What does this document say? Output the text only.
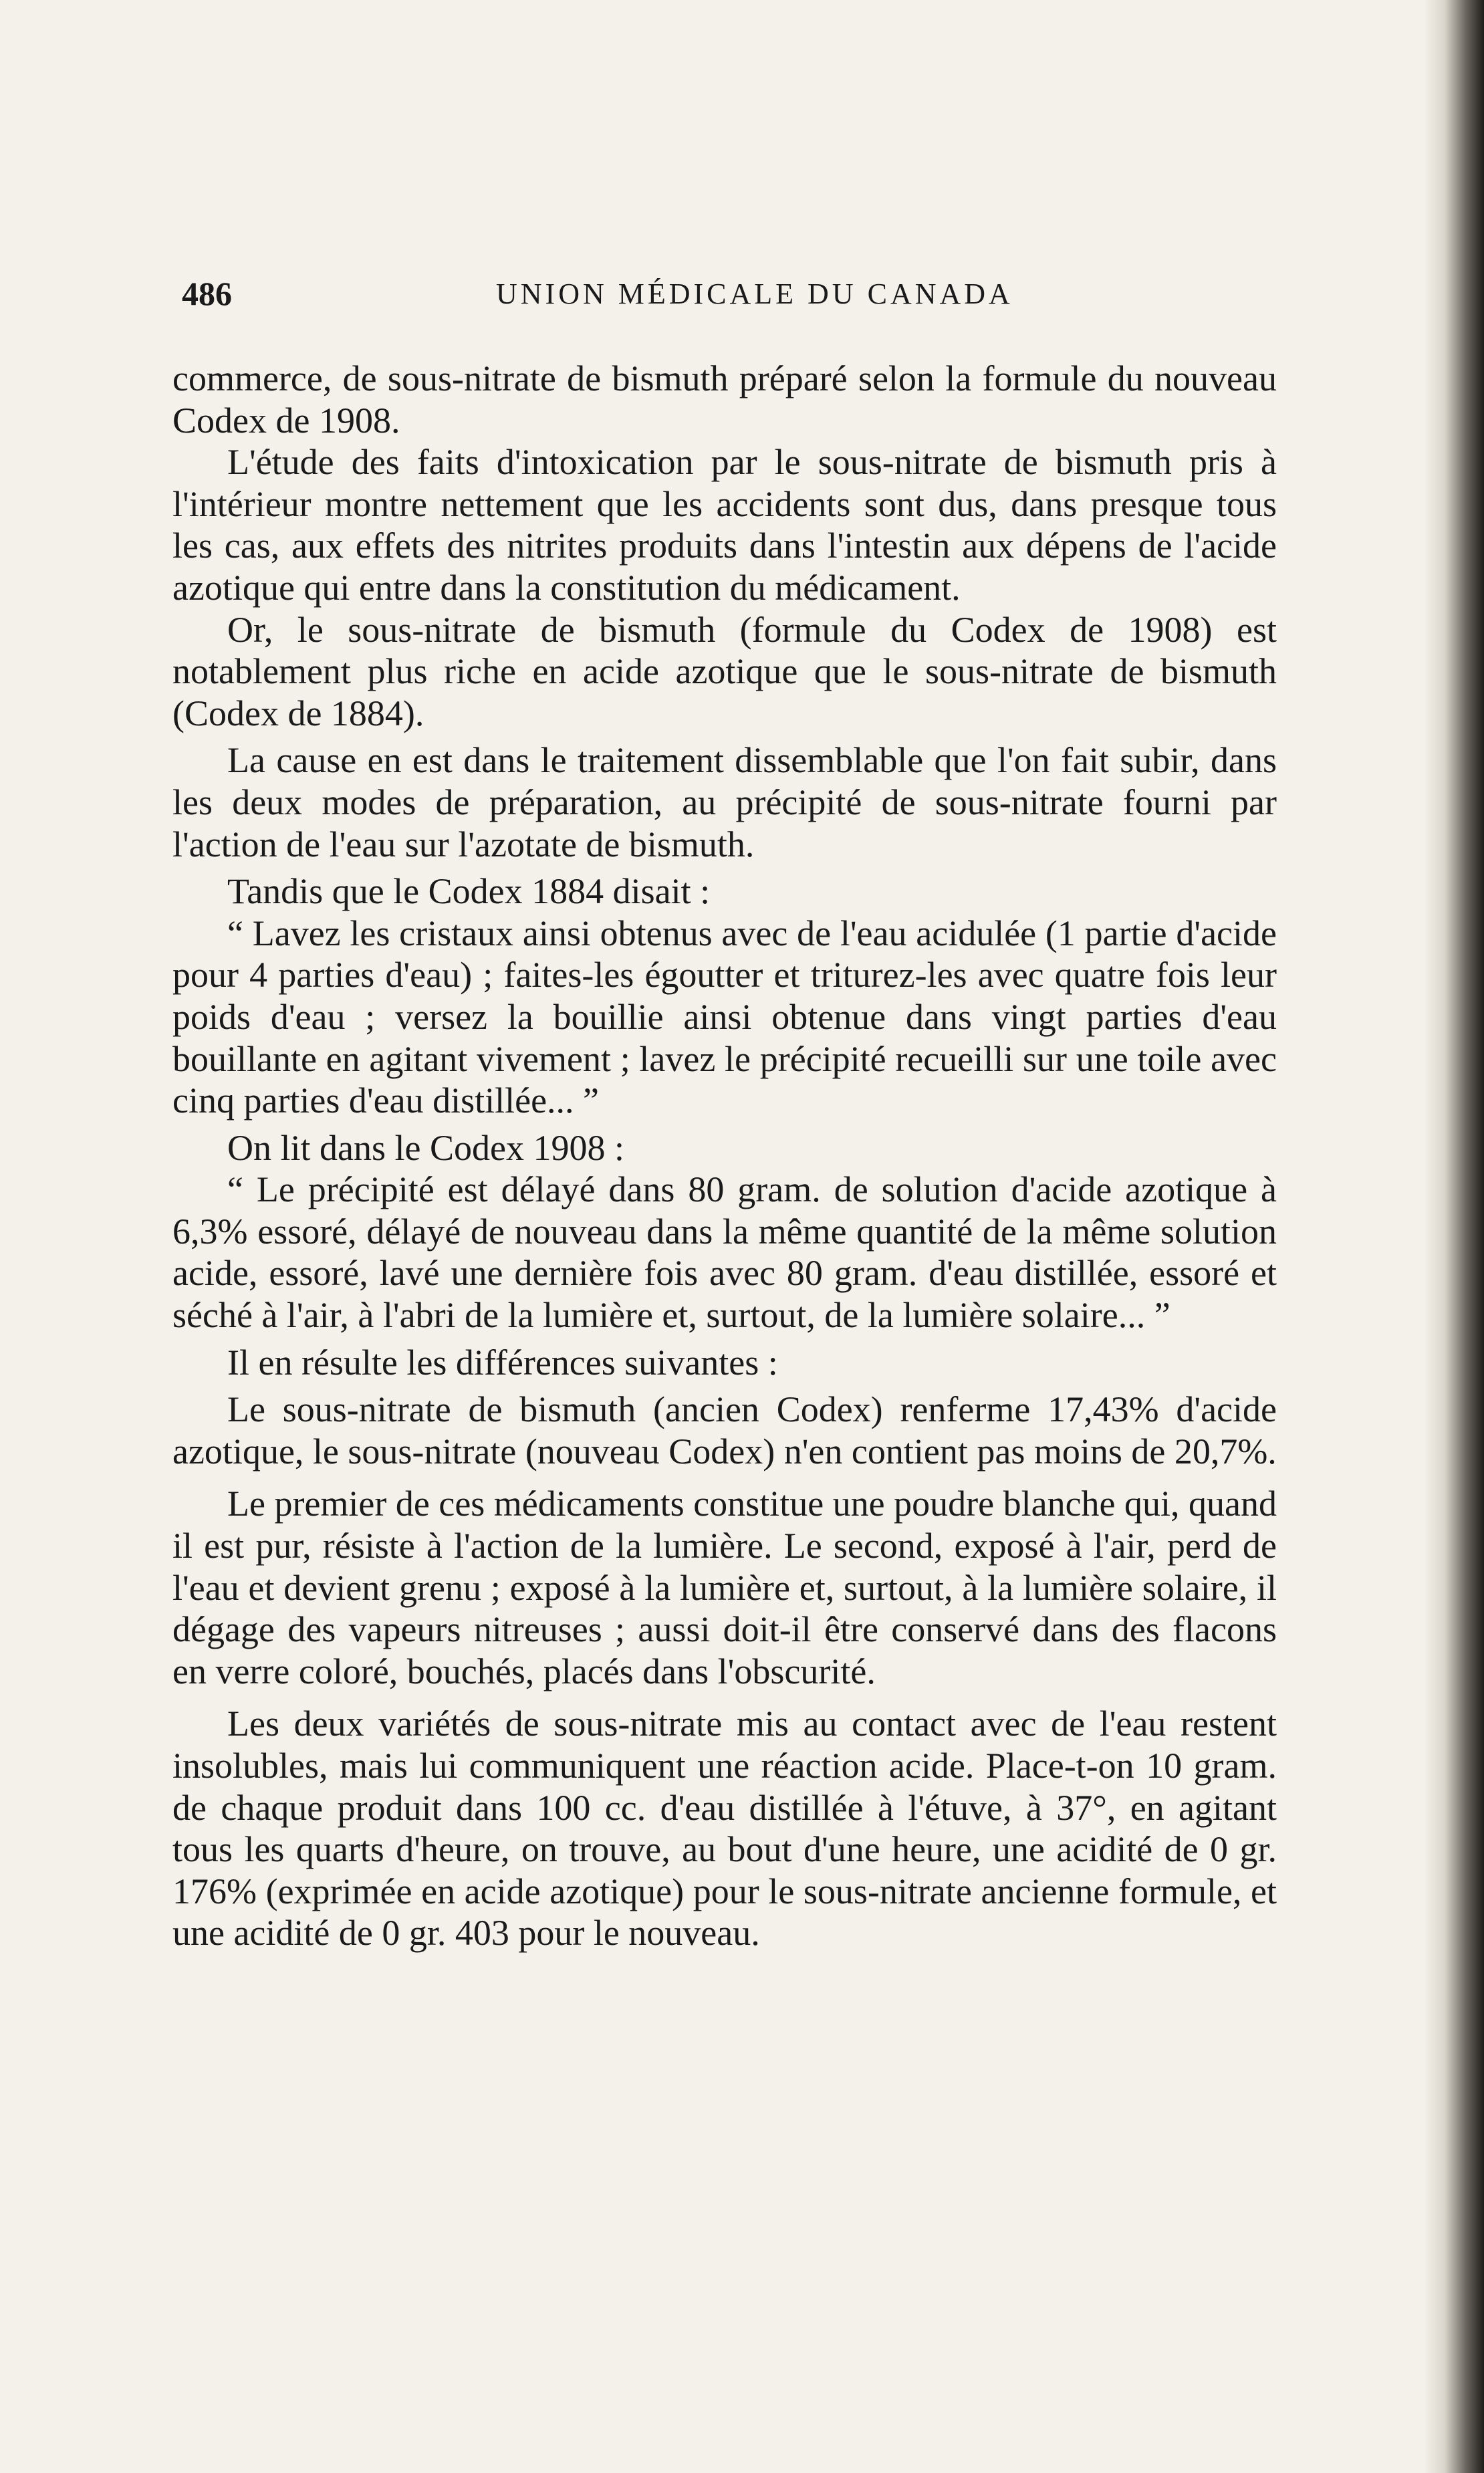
486	UNION MÉDICALE DU CANADA

commerce, de sous-nitrate de bismuth préparé selon la formule du nouveau Codex de 1908.

L'étude des faits d'intoxication par le sous-nitrate de bismuth pris à l'intérieur montre nettement que les accidents sont dus, dans presque tous les cas, aux effets des nitrites produits dans l'intestin aux dépens de l'acide azotique qui entre dans la constitution du médicament.

Or, le sous-nitrate de bismuth (formule du Codex de 1908) est notablement plus riche en acide azotique que le sous-nitrate de bismuth (Codex de 1884).

La cause en est dans le traitement dissemblable que l'on fait subir, dans les deux modes de préparation, au précipité de sous-nitrate fourni par l'action de l'eau sur l'azotate de bismuth.

Tandis que le Codex 1884 disait :

“ Lavez les cristaux ainsi obtenus avec de l'eau acidulée (1 partie d'acide pour 4 parties d'eau) ; faites-les égoutter et triturez-les avec quatre fois leur poids d'eau ; versez la bouillie ainsi obtenue dans vingt parties d'eau bouillante en agitant vivement ; lavez le précipité recueilli sur une toile avec cinq parties d'eau distillée... ”

On lit dans le Codex 1908 :

“ Le précipité est délayé dans 80 gram. de solution d'acide azotique à 6,3% essoré, délayé de nouveau dans la même quantité de la même solution acide, essoré, lavé une dernière fois avec 80 gram. d'eau distillée, essoré et séché à l'air, à l'abri de la lumière et, surtout, de la lumière solaire... ”

Il en résulte les différences suivantes :

Le sous-nitrate de bismuth (ancien Codex) renferme 17,43% d'acide azotique, le sous-nitrate (nouveau Codex) n'en contient pas moins de 20,7%.

Le premier de ces médicaments constitue une poudre blanche qui, quand il est pur, résiste à l'action de la lumière. Le second, exposé à l'air, perd de l'eau et devient grenu ; exposé à la lumière et, surtout, à la lumière solaire, il dégage des vapeurs nitreuses ; aussi doit-il être conservé dans des flacons en verre coloré, bouchés, placés dans l'obscurité.

Les deux variétés de sous-nitrate mis au contact avec de l'eau restent insolubles, mais lui communiquent une réaction acide. Place-t-on 10 gram. de chaque produit dans 100 cc. d'eau distillée à l'étuve, à 37°, en agitant tous les quarts d'heure, on trouve, au bout d'une heure, une acidité de 0 gr. 176% (exprimée en acide azotique) pour le sous-nitrate ancienne formule, et une acidité de 0 gr. 403 pour le nouveau.
